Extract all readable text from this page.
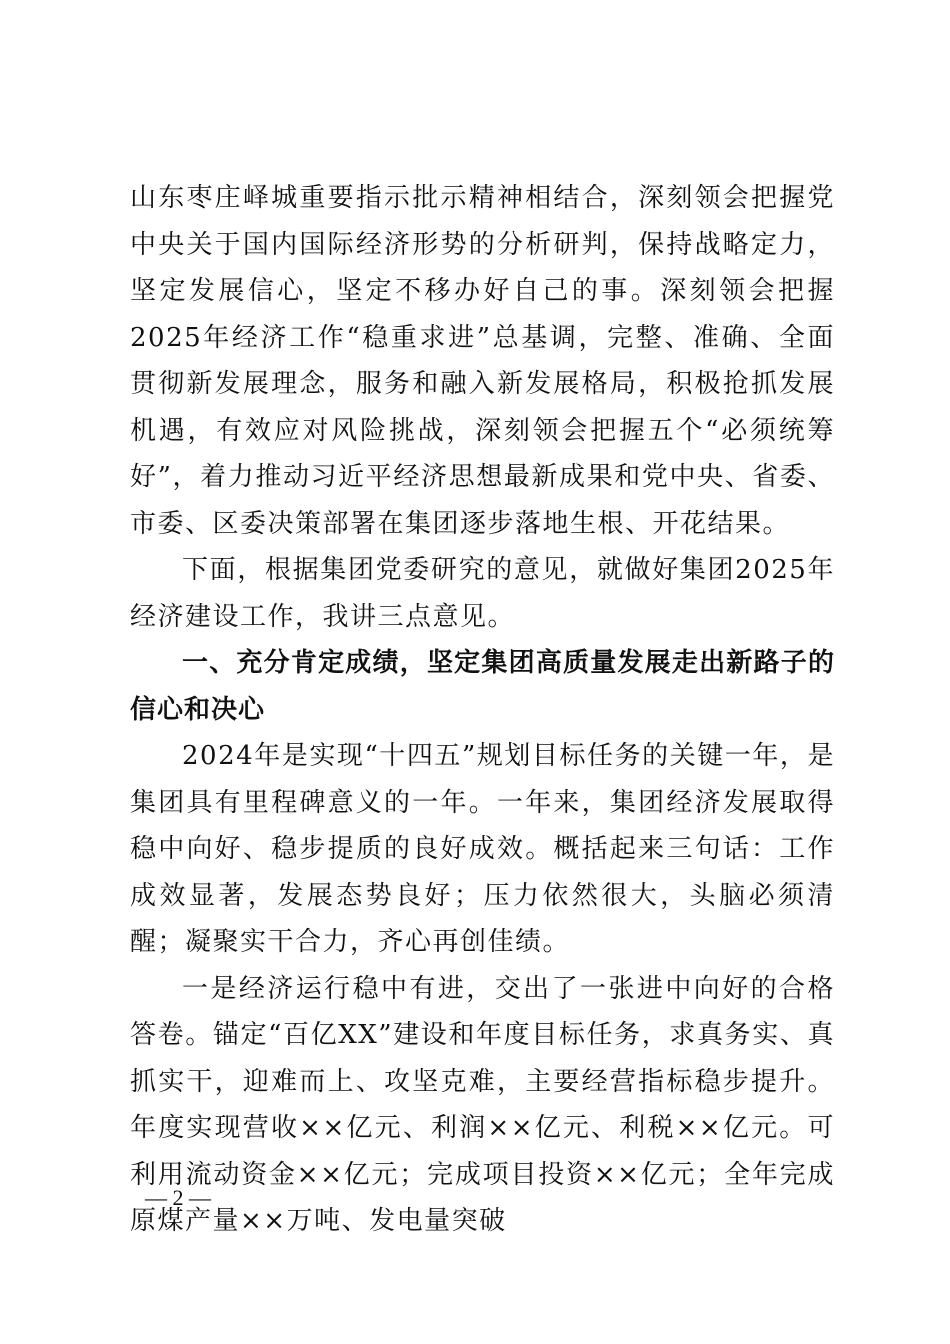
山东枣庄峄城重要指示批示精神相结合，深刻领会把握党中央关于国内国际经济形势的分析研判，保持战略定力，坚定发展信心，坚定不移办好自己的事。深刻领会把握2025年经济工作“稳重求进”总基调，完整、准确、全面贯彻新发展理念，服务和融入新发展格局，积极抢抓发展机遇，有效应对风险挑战，深刻领会把握五个“必须统筹好”，着力推动习近平经济思想最新成果和党中央、省委、市委、区委决策部署在集团逐步落地生根、开花结果。

下面，根据集团党委研究的意见，就做好集团2025年经济建设工作，我讲三点意见。

一、充分肯定成绩，坚定集团高质量发展走出新路子的信心和决心

2024年是实现“十四五”规划目标任务的关键一年，是集团具有里程碑意义的一年。一年来，集团经济发展取得稳中向好、稳步提质的良好成效。概括起来三句话：工作成效显著，发展态势良好；压力依然很大，头脑必须清醒；凝聚实干合力，齐心再创佳绩。

一是经济运行稳中有进，交出了一张进中向好的合格答卷。锚定“百亿XX”建设和年度目标任务，求真务实、真抓实干，迎难而上、攻坚克难，主要经营指标稳步提升。年度实现营收××亿元、利润××亿元、利税××亿元。可利用流动资金××亿元；完成项目投资××亿元；全年完成原煤产量××万吨、发电量突破

— 2 —
